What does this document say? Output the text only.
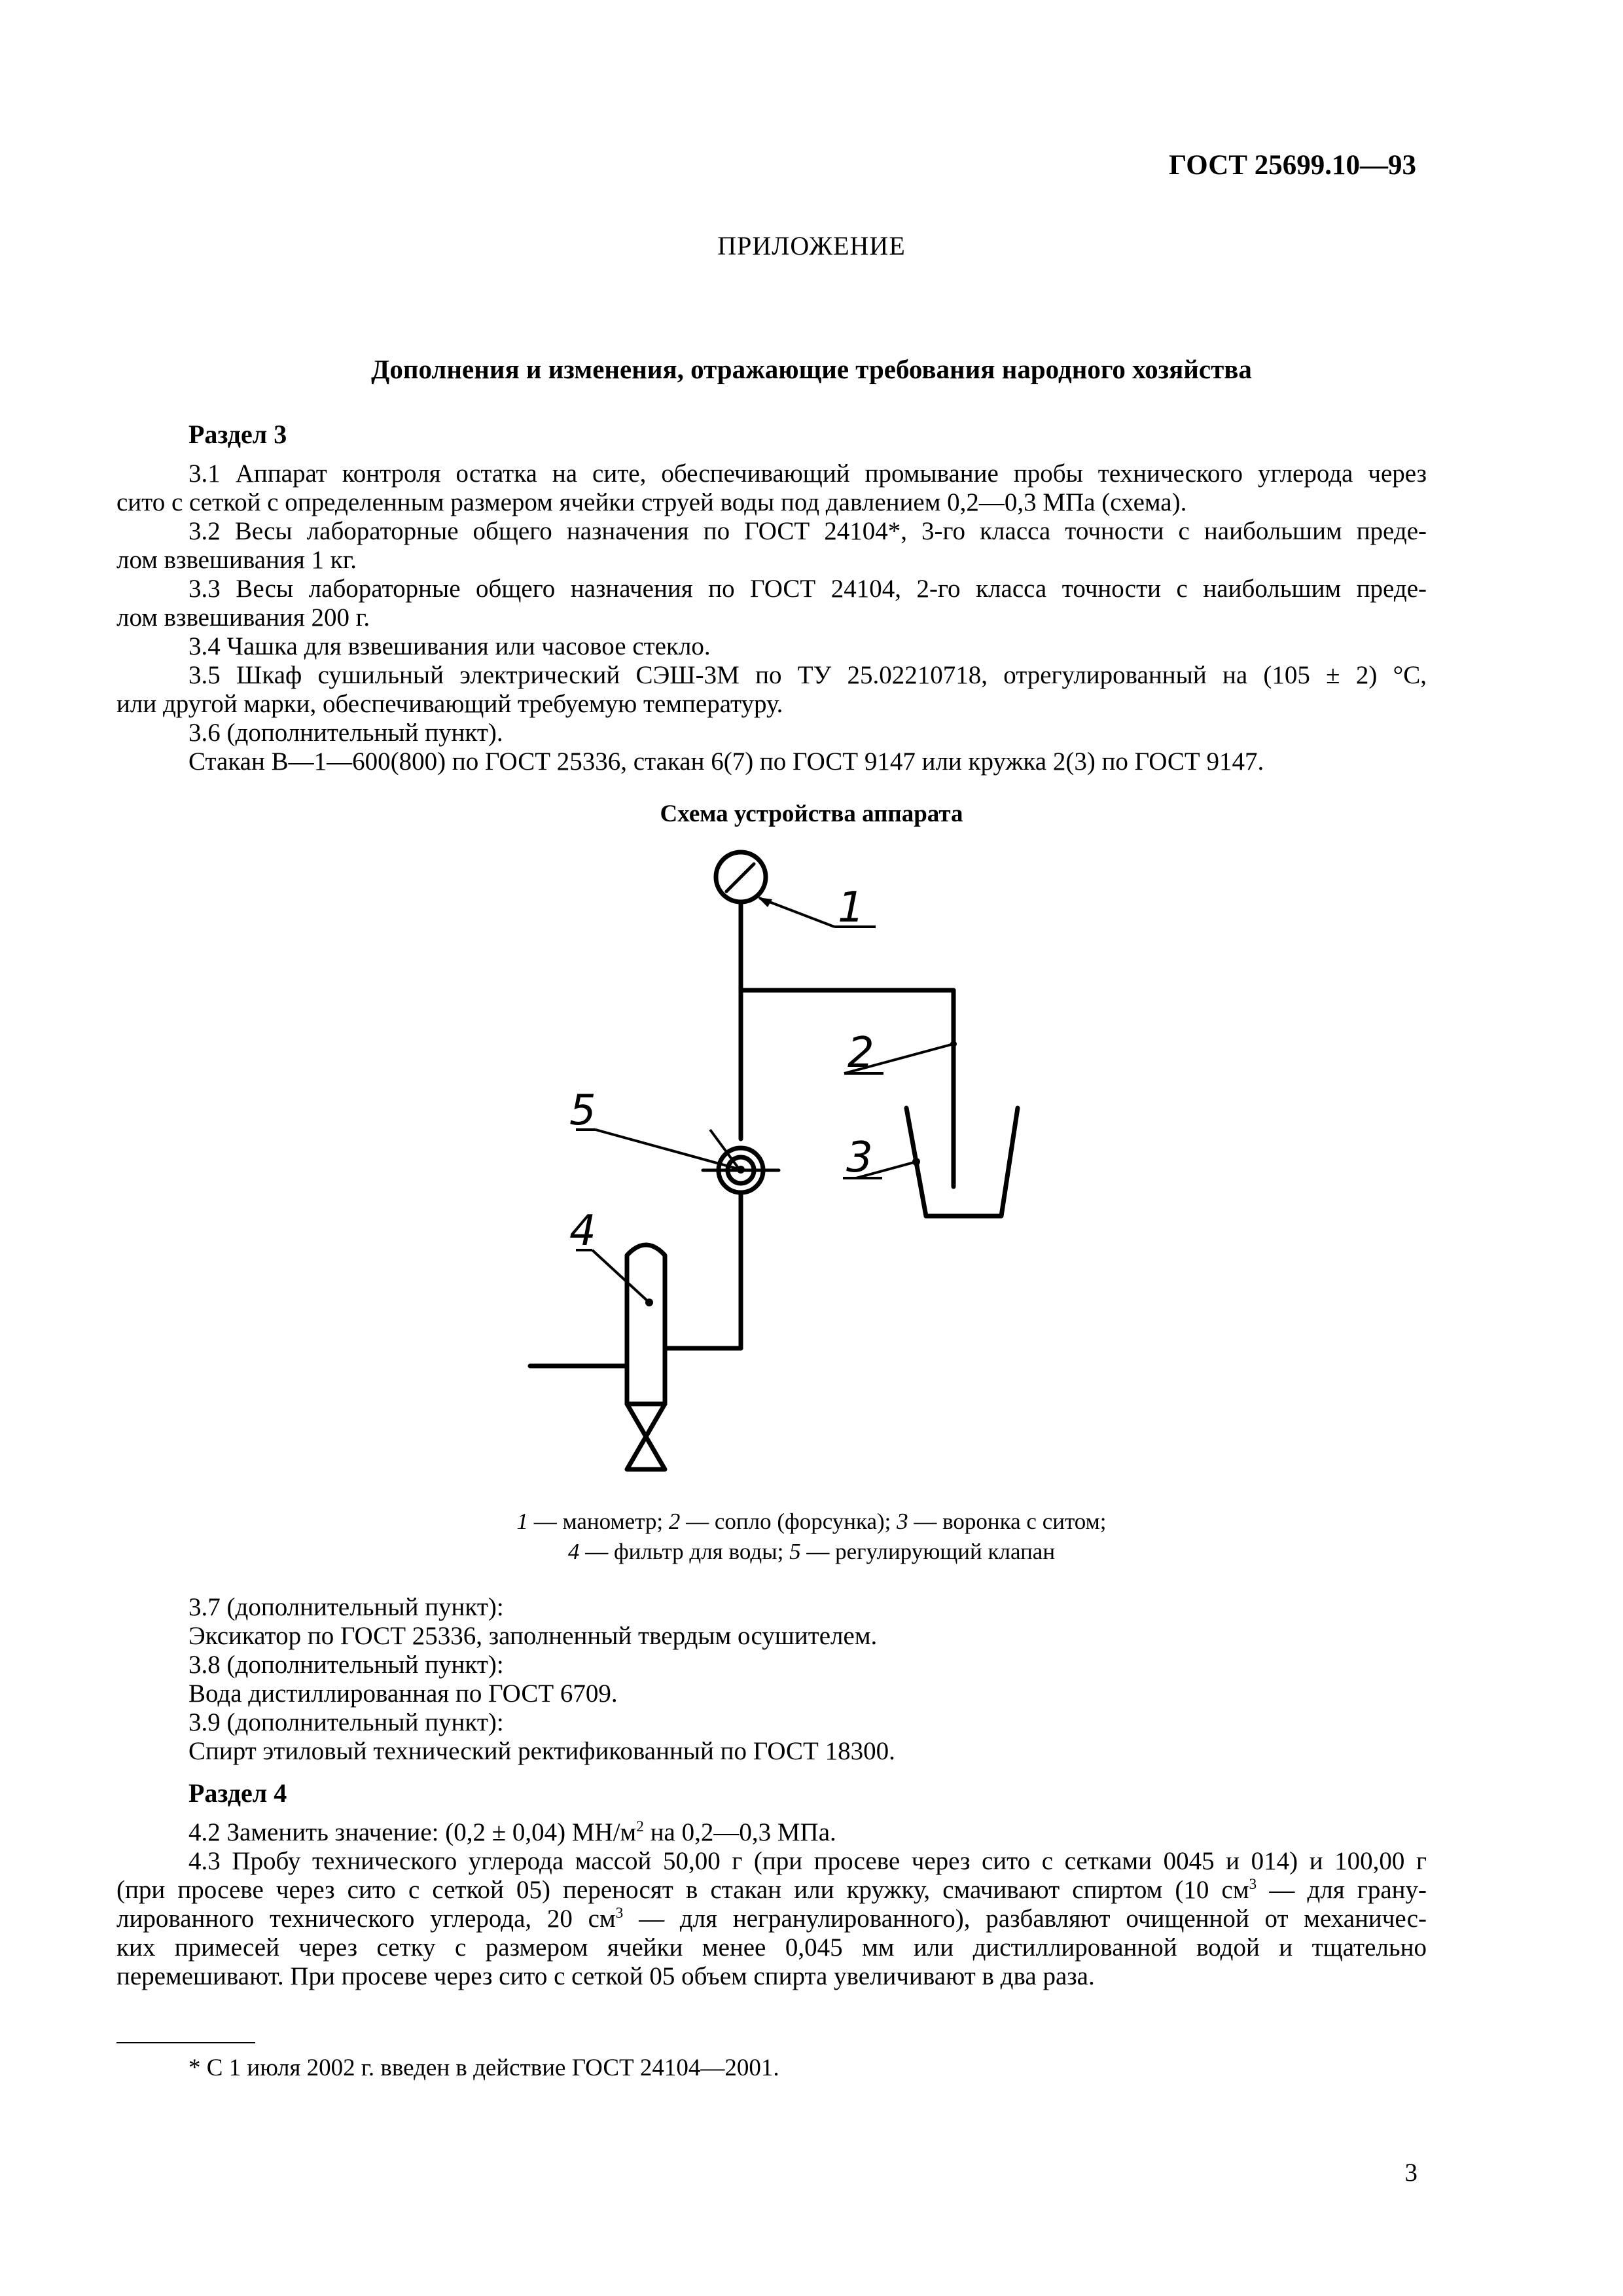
ГОСТ 25699.10—93
ПРИЛОЖЕНИЕ
Дополнения и изменения, отражающие требования народного хозяйства
Раздел 3
3.1 Аппарат контроля остатка на сите, обеспечивающий промывание пробы технического углерода через
сито с сеткой с определенным размером ячейки струей воды под давлением 0,2—0,3 МПа (схема).
3.2 Весы лабораторные общего назначения по ГОСТ 24104*, 3-го класса точности с наибольшим преде-
лом взвешивания 1 кг.
3.3 Весы лабораторные общего назначения по ГОСТ 24104, 2-го класса точности с наибольшим преде-
лом взвешивания 200 г.
3.4 Чашка для взвешивания или часовое стекло.
3.5 Шкаф сушильный электрический СЭШ-3М по ТУ 25.02210718, отрегулированный на (105 ± 2) °С,
или другой марки, обеспечивающий требуемую температуру.
3.6 (дополнительный пункт).
Стакан В—1—600(800) по ГОСТ 25336, стакан 6(7) по ГОСТ 9147 или кружка 2(3) по ГОСТ 9147.
Схема устройства аппарата
1
2
3
4
5
1 — манометр; 2 — сопло (форсунка); 3 — воронка с ситом;
4 — фильтр для воды; 5 — регулирующий клапан
3.7 (дополнительный пункт):
Эксикатор по ГОСТ 25336, заполненный твердым осушителем.
3.8 (дополнительный пункт):
Вода дистиллированная по ГОСТ 6709.
3.9 (дополнительный пункт):
Спирт этиловый технический ректификованный по ГОСТ 18300.
Раздел 4
4.2 Заменить значение: (0,2 ± 0,04) $МН/м^2$ на 0,2—0,3 МПа.
4.3 Пробу технического углерода массой 50,00 г (при просеве через сито с сетками 0045 и 014) и 100,00 г
(при просеве через сито с сеткой 05) переносят в стакан или кружку, смачивают спиртом (10 $см^3$ — для грану-
лированного технического углерода, 20 $см^3$ — для негранулированного), разбавляют очищенной от механичес-
ких примесей через сетку с размером ячейки менее 0,045 мм или дистиллированной водой и тщательно
перемешивают. При просеве через сито с сеткой 05 объем спирта увеличивают в два раза.
* С 1 июля 2002 г. введен в действие ГОСТ 24104—2001.
3
